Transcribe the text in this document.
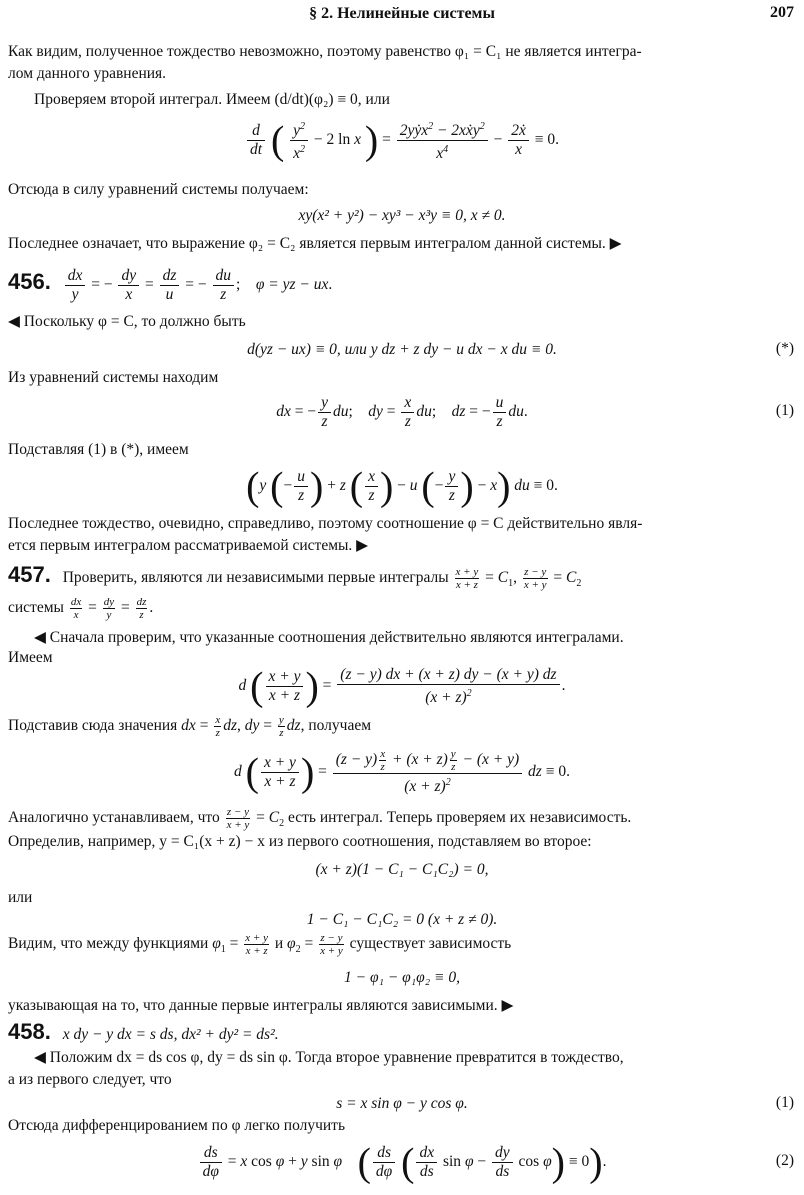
§ 2. Нелинейные системы	207
Как видим, полученное тождество невозможно, поэтому равенство φ₁ = C₁ не является интегра-
лом данного уравнения.
Проверяем второй интеграл. Имеем (d/dt)(φ₂) ≡ 0, или
$\frac{d}{dt}$ ( $\frac{y^2}{x^2} - 2$ ln x ) = $\frac{2yẏx^2 - 2xẋy^2}{x^4} - \frac{\text{2ẋ}}{x} \equiv 0$.
Отсюда в силу уравнений системы получаем:
xy(x² + y²) − xy³ − x³y ≡ 0, x ≠ 0.
Последнее означает, что выражение φ₂ = C₂ является первым интегралом данной системы. ▶
456. $\frac{dx}{y}$ = − $\frac{dy}{x} = \frac{dz}{u}$ = − $\frac{du}{z}$ ;    φ = yz − ux.
◀ Поскольку φ = C, то должно быть
d(yz − ux) ≡ 0, или y dz + z dy − u dx − x du ≡ 0.	(*)
Из уравнений системы находим
dx = − $\frac{y}{z}$ du;    dy = $\frac{x}{z}$ du;    dz = − $\frac{u}{z}$ du.	(1)
Подставляя (1) в (*), имеем
(y (− $\frac{u}{z}$ ) + z ( $\frac{x}{z}$ ) − u (− $\frac{y}{z}$ ) − x) du ≡ 0.
Последнее тождество, очевидно, справедливо, поэтому соотношение φ = C действительно явля-
ется первым интегралом рассматриваемой системы. ▶
457. Проверить, являются ли независимыми первые интегралы $\frac{x + y}{x + z} = C_1$, $\frac{z - y}{x + y} = C_2$
системы $\frac{dx}{x} = \frac{dy}{y} = \frac{dz}{z}$ .
◀ Сначала проверим, что указанные соотношения действительно являются интегралами.
Имеем
d ( $\frac{x + y}{x + z}$ ) = $\frac{(z - y) dx + (x + z) dy - (x + y) dz}{(x + z)^2}$ .
Подставив сюда значения dx = $\frac{x}{z}$ dz, dy = $\frac{y}{z}$ dz, получаем
d ( $\frac{x + y}{x + z}$ ) = $\frac{(z - y) \frac{x}{z} + (x + z) \frac{y}{z} - (x + y)}{(x + z)^2}$ dz ≡ 0.
Аналогично устанавливаем, что $\frac{z - y}{x + y} = C_2$ есть интеграл. Теперь проверяем их независимость.
Определив, например, y = C₁(x + z) − x из первого соотношения, подставляем во второе:
(x + z)(1 − C₁ − C₁C₂) = 0,
или
1 − C₁ − C₁C₂ = 0 (x + z ≠ 0).
Видим, что между функциями $\varphi_1 = \frac{x + y}{x + z}$ и $\varphi_2 = \frac{z - y}{x + y}$ существует зависимость
1 − φ₁ − φ₁φ₂ ≡ 0,
указывающая на то, что данные первые интегралы являются зависимыми. ▶
458. x dy − y dx = s ds, dx² + dy² = ds².
◀ Положим dx = ds cos φ, dy = ds sin φ. Тогда второе уравнение превратится в тождество,
а из первого следует, что
s = x sin φ − y cos φ.	(1)
Отсюда дифференцированием по φ легко получить
$\frac{ds}{d\varphi} = x$ cos φ + y sin φ ( $\frac{ds}{d\varphi}$ ( $\frac{dx}{ds}$ $\sin \varphi - \frac{dy}{ds}$ cos φ) ≡ 0).	(2)
